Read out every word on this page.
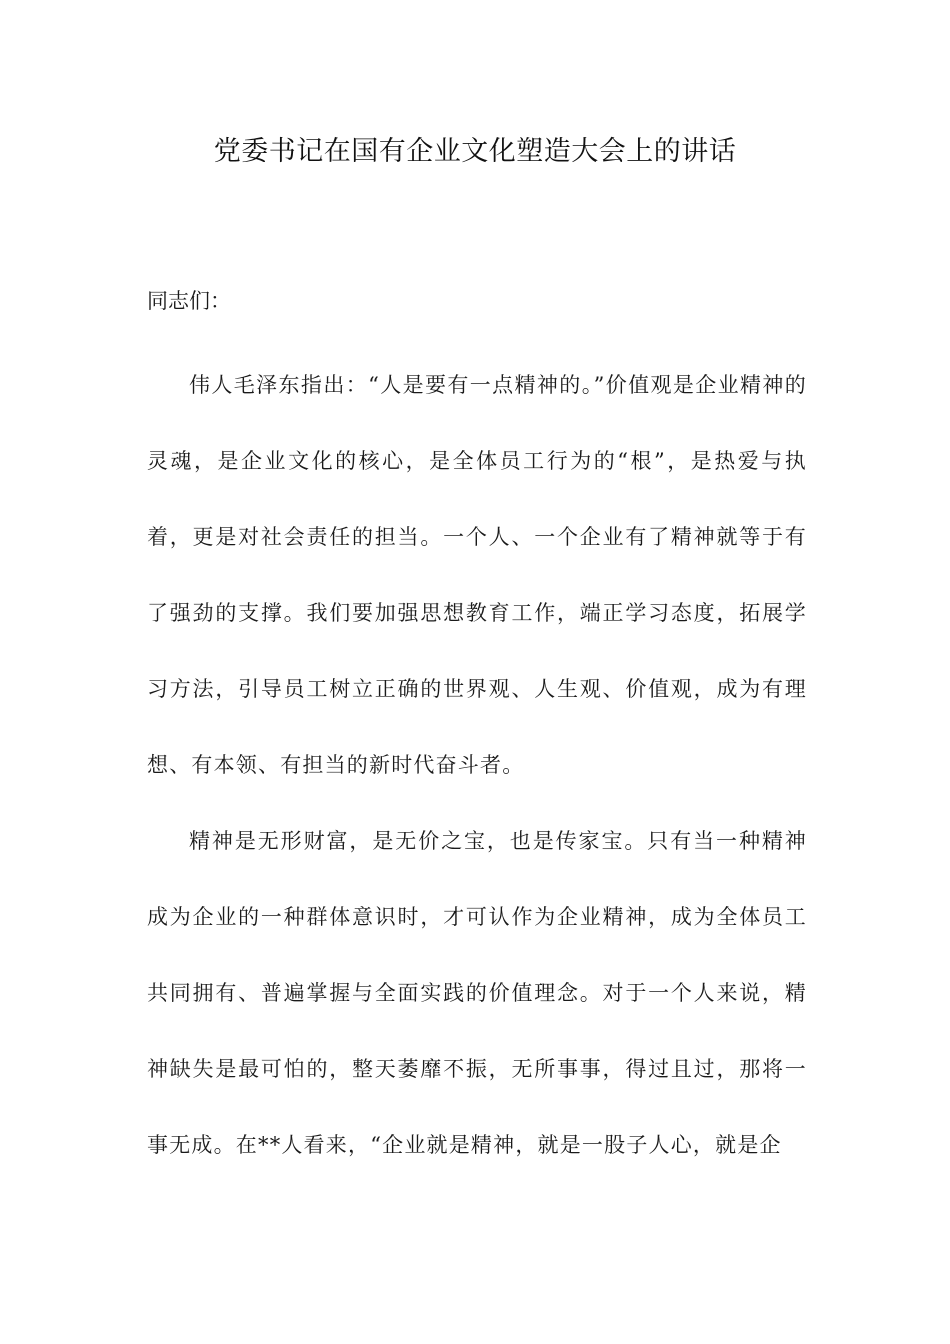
党委书记在国有企业文化塑造大会上的讲话
同志们：

伟人毛泽东指出：“人是要有一点精神的。”价值观是企业精神的灵魂，是企业文化的核心，是全体员工行为的“根”，是热爱与执着，更是对社会责任的担当。一个人、一个企业有了精神就等于有了强劲的支撑。我们要加强思想教育工作，端正学习态度，拓展学习方法，引导员工树立正确的世界观、人生观、价值观，成为有理想、有本领、有担当的新时代奋斗者。

精神是无形财富，是无价之宝，也是传家宝。只有当一种精神成为企业的一种群体意识时，才可认作为企业精神，成为全体员工共同拥有、普遍掌握与全面实践的价值理念。对于一个人来说，精神缺失是最可怕的，整天萎靡不振，无所事事，得过且过，那将一事无成。在**人看来，“企业就是精神，就是一股子人心，就是企
